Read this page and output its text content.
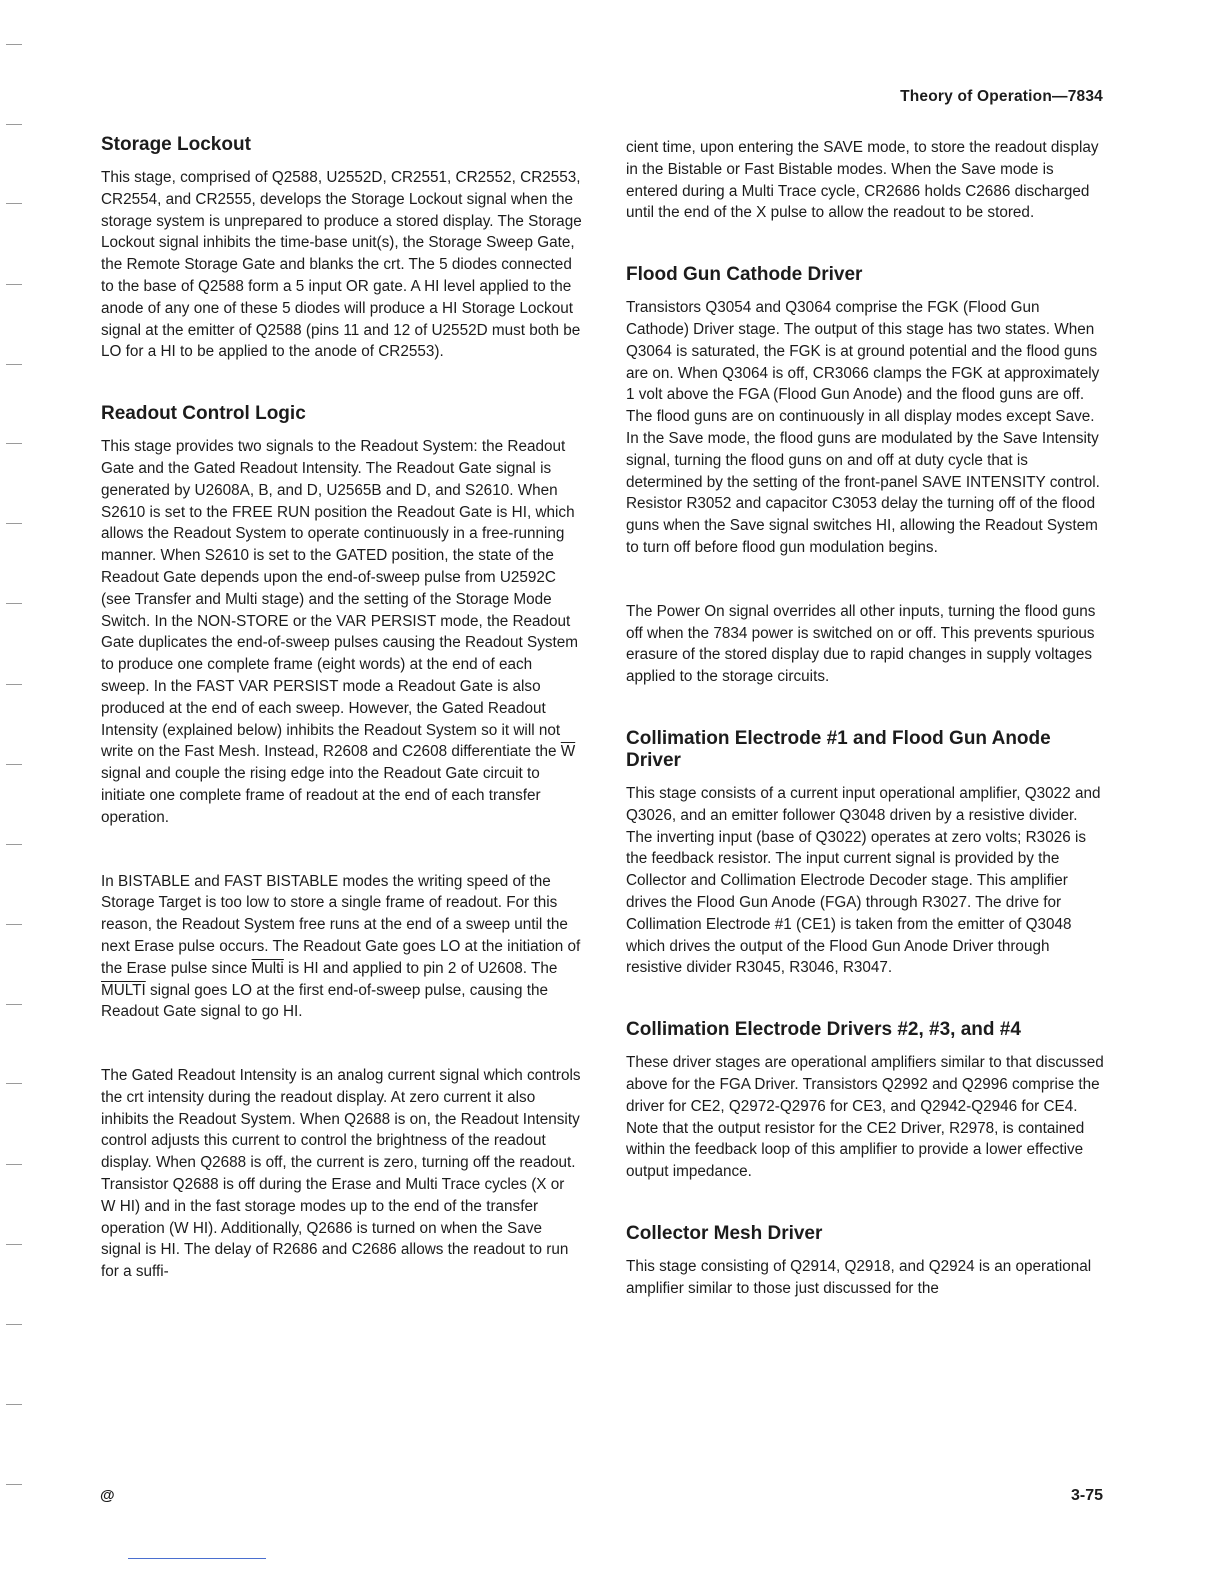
Theory of Operation—7834
Storage Lockout

This stage, comprised of Q2588, U2552D, CR2551, CR2552, CR2553, CR2554, and CR2555, develops the Storage Lockout signal when the storage system is unprepared to produce a stored display. The Storage Lockout signal inhibits the time-base unit(s), the Storage Sweep Gate, the Remote Storage Gate and blanks the crt. The 5 diodes connected to the base of Q2588 form a 5 input OR gate. A HI level applied to the anode of any one of these 5 diodes will produce a HI Storage Lockout signal at the emitter of Q2588 (pins 11 and 12 of U2552D must both be LO for a HI to be applied to the anode of CR2553).

Readout Control Logic

This stage provides two signals to the Readout System: the Readout Gate and the Gated Readout Intensity. The Readout Gate signal is generated by U2608A, B, and D, U2565B and D, and S2610. When S2610 is set to the FREE RUN position the Readout Gate is HI, which allows the Readout System to operate continuously in a free-running manner. When S2610 is set to the GATED position, the state of the Readout Gate depends upon the end-of-sweep pulse from U2592C (see Transfer and Multi stage) and the setting of the Storage Mode Switch. In the NON-STORE or the VAR PERSIST mode, the Readout Gate duplicates the end-of-sweep pulses causing the Readout System to produce one complete frame (eight words) at the end of each sweep. In the FAST VAR PERSIST mode a Readout Gate is also produced at the end of each sweep. However, the Gated Readout Intensity (explained below) inhibits the Readout System so it will not write on the Fast Mesh. Instead, R2608 and C2608 differentiate the $\overline{W}$ signal and couple the rising edge into the Readout Gate circuit to initiate one complete frame of readout at the end of each transfer operation.

In BISTABLE and FAST BISTABLE modes the writing speed of the Storage Target is too low to store a single frame of readout. For this reason, the Readout System free runs at the end of a sweep until the next Erase pulse occurs. The Readout Gate goes LO at the initiation of the Erase pulse since Multi is HI and applied to pin 2 of U2608. The MULTI signal goes LO at the first end-of-sweep pulse, causing the Readout Gate signal to go HI.

The Gated Readout Intensity is an analog current signal which controls the crt intensity during the readout display. At zero current it also inhibits the Readout System. When Q2688 is on, the Readout Intensity control adjusts this current to control the brightness of the readout display. When Q2688 is off, the current is zero, turning off the readout. Transistor Q2688 is off during the Erase and Multi Trace cycles (X or W HI) and in the fast storage modes up to the end of the transfer operation (W HI). Additionally, Q2686 is turned on when the Save signal is HI. The delay of R2686 and C2686 allows the readout to run for a suffi-

cient time, upon entering the SAVE mode, to store the readout display in the Bistable or Fast Bistable modes. When the Save mode is entered during a Multi Trace cycle, CR2686 holds C2686 discharged until the end of the X pulse to allow the readout to be stored.

Flood Gun Cathode Driver

Transistors Q3054 and Q3064 comprise the FGK (Flood Gun Cathode) Driver stage. The output of this stage has two states. When Q3064 is saturated, the FGK is at ground potential and the flood guns are on. When Q3064 is off, CR3066 clamps the FGK at approximately 1 volt above the FGA (Flood Gun Anode) and the flood guns are off. The flood guns are on continuously in all display modes except Save. In the Save mode, the flood guns are modulated by the Save Intensity signal, turning the flood guns on and off at duty cycle that is determined by the setting of the front-panel SAVE INTENSITY control. Resistor R3052 and capacitor C3053 delay the turning off of the flood guns when the Save signal switches HI, allowing the Readout System to turn off before flood gun modulation begins.

The Power On signal overrides all other inputs, turning the flood guns off when the 7834 power is switched on or off. This prevents spurious erasure of the stored display due to rapid changes in supply voltages applied to the storage circuits.

Collimation Electrode #1 and Flood Gun Anode Driver

This stage consists of a current input operational amplifier, Q3022 and Q3026, and an emitter follower Q3048 driven by a resistive divider. The inverting input (base of Q3022) operates at zero volts; R3026 is the feedback resistor. The input current signal is provided by the Collector and Collimation Electrode Decoder stage. This amplifier drives the Flood Gun Anode (FGA) through R3027. The drive for Collimation Electrode #1 (CE1) is taken from the emitter of Q3048 which drives the output of the Flood Gun Anode Driver through resistive divider R3045, R3046, R3047.

Collimation Electrode Drivers #2, #3, and #4

These driver stages are operational amplifiers similar to that discussed above for the FGA Driver. Transistors Q2992 and Q2996 comprise the driver for CE2, Q2972-Q2976 for CE3, and Q2942-Q2946 for CE4. Note that the output resistor for the CE2 Driver, R2978, is contained within the feedback loop of this amplifier to provide a lower effective output impedance.

Collector Mesh Driver

This stage consisting of Q2914, Q2918, and Q2924 is an operational amplifier similar to those just discussed for the

@	3-75
